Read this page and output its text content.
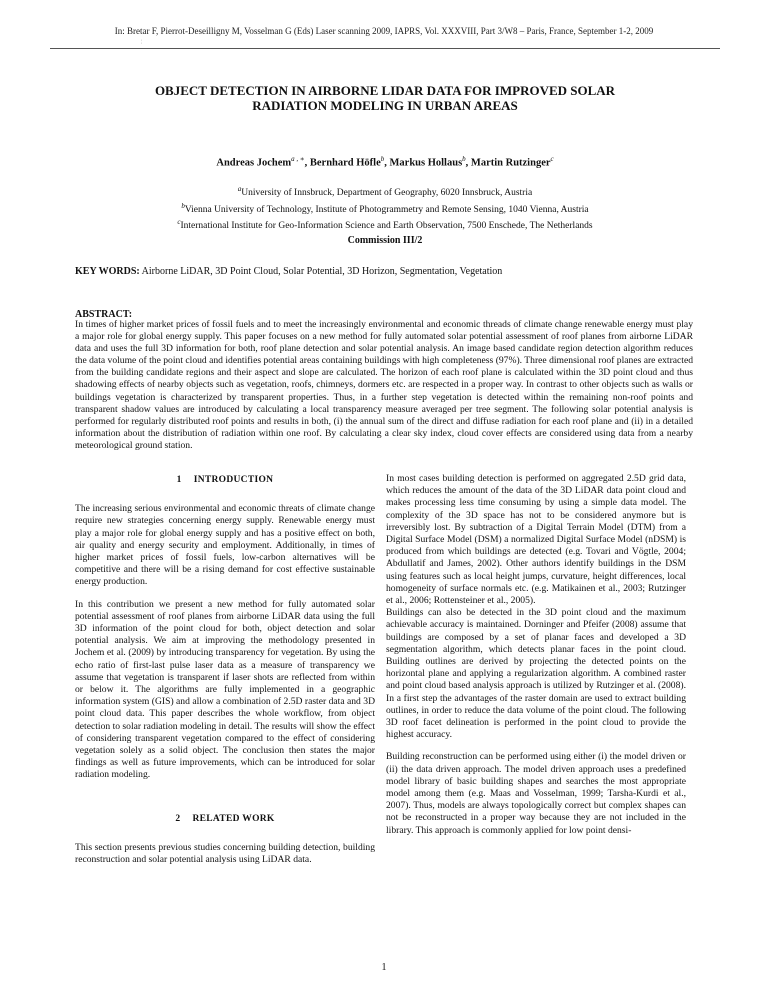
In: Bretar F, Pierrot-Deseilligny M, Vosselman G (Eds) Laser scanning 2009, IAPRS, Vol. XXXVIII, Part 3/W8 – Paris, France, September 1-2, 2009
¦
OBJECT DETECTION IN AIRBORNE LIDAR DATA FOR IMPROVED SOLAR
RADIATION MODELING IN URBAN AREAS
Andreas Jochem$^{a , ∗}$, Bernhard Höfle$^b$, Markus Hollaus$^b$, Martin Rutzinger$^c$
$^a$University of Innsbruck, Department of Geography, 6020 Innsbruck, Austria
$^b$Vienna University of Technology, Institute of Photogrammetry and Remote Sensing, 1040 Vienna, Austria
$^c$International Institute for Geo-Information Science and Earth Observation, 7500 Enschede, The Netherlands
Commission III/2
KEY WORDS: Airborne LiDAR, 3D Point Cloud, Solar Potential, 3D Horizon, Segmentation, Vegetation
ABSTRACT:
In times of higher market prices of fossil fuels and to meet the increasingly environmental and economic threads of climate change renewable energy must play a major role for global energy supply. This paper focuses on a new method for fully automated solar potential assessment of roof planes from airborne LiDAR data and uses the full 3D information for both, roof plane detection and solar potential analysis. An image based candidate region detection algorithm reduces the data volume of the point cloud and identifies potential areas containing buildings with high completeness (97%). Three dimensional roof planes are extracted from the building candidate regions and their aspect and slope are calculated. The horizon of each roof plane is calculated within the 3D point cloud and thus shadowing effects of nearby objects such as vegetation, roofs, chimneys, dormers etc. are respected in a proper way. In contrast to other objects such as walls or buildings vegetation is characterized by transparent properties. Thus, in a further step vegetation is detected within the remaining non-roof points and transparent shadow values are introduced by calculating a local transparency measure averaged per tree segment. The following solar potential analysis is performed for regularly distributed roof points and results in both, (i) the annual sum of the direct and diffuse radiation for each roof plane and (ii) in a detailed information about the distribution of radiation within one roof. By calculating a clear sky index, cloud cover effects are considered using data from a nearby meteorological ground station.
1 INTRODUCTION

The increasing serious environmental and economic threats of climate change require new strategies concerning energy supply. Renewable energy must play a major role for global energy supply and has a positive effect on both, air quality and energy security and employment. Additionally, in times of higher market prices of fossil fuels, low-carbon alternatives will be competitive and there will be a rising demand for cost effective sustainable energy production.

In this contribution we present a new method for fully automated solar potential assessment of roof planes from airborne LiDAR data using the full 3D information of the point cloud for both, object detection and solar potential analysis. We aim at improving the methodology presented in Jochem et al. (2009) by introducing transparency for vegetation. By using the echo ratio of first-last pulse laser data as a measure of transparency we assume that vegetation is transparent if laser shots are reflected from within or below it. The algorithms are fully implemented in a geographic information system (GIS) and allow a combination of 2.5D raster data and 3D point cloud data. This paper describes the whole workflow, from object detection to solar radiation modeling in detail. The results will show the effect of considering transparent vegetation compared to the effect of considering vegetation solely as a solid object. The conclusion then states the major findings as well as future improvements, which can be introduced for solar radiation modeling.

2 RELATED WORK

This section presents previous studies concerning building detection, building reconstruction and solar potential analysis using LiDAR data.

In most cases building detection is performed on aggregated 2.5D grid data, which reduces the amount of the data of the 3D LiDAR data point cloud and makes processing less time consuming by using a simple data model. The complexity of the 3D space has not to be considered anymore but is irreversibly lost. By subtraction of a Digital Terrain Model (DTM) from a Digital Surface Model (DSM) a normalized Digital Surface Model (nDSM) is produced from which buildings are detected (e.g. Tovari and Vögtle, 2004; Abdullatif and James, 2002). Other authors identify buildings in the DSM using features such as local height jumps, curvature, height differences, local homogeneity of surface normals etc. (e.g. Matikainen et al., 2003; Rutzinger et al., 2006; Rottensteiner et al., 2005).

Buildings can also be detected in the 3D point cloud and the maximum achievable accuracy is maintained. Dorninger and Pfeifer (2008) assume that buildings are composed by a set of planar faces and developed a 3D segmentation algorithm, which detects planar faces in the point cloud. Building outlines are derived by projecting the detected points on the horizontal plane and applying a regularization algorithm. A combined raster and point cloud based analysis approach is utilized by Rutzinger et al. (2008). In a first step the advantages of the raster domain are used to extract building outlines, in order to reduce the data volume of the point cloud. The following 3D roof facet delineation is performed in the point cloud to provide the highest accuracy.

Building reconstruction can be performed using either (i) the model driven or (ii) the data driven approach. The model driven approach uses a predefined model library of basic building shapes and searches the most appropriate model among them (e.g. Maas and Vosselman, 1999; Tarsha-Kurdi et al., 2007). Thus, models are always topologically correct but complex shapes can not be reconstructed in a proper way because they are not included in the library. This approach is commonly applied for low point densi-

1
